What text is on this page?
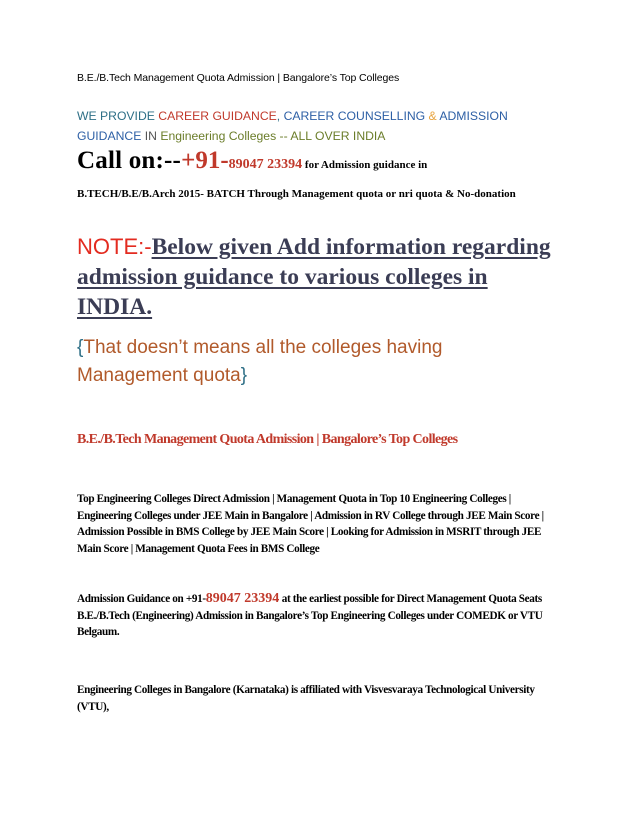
B.E./B.Tech Management Quota Admission | Bangalore’s Top Colleges

WE PROVIDE CAREER GUIDANCE, CAREER COUNSELLING & ADMISSION GUIDANCE IN Engineering Colleges -- ALL OVER INDIA

Call on:--+91-89047 23394 for Admission guidance in

B.TECH/B.E/B.Arch 2015- BATCH Through Management quota or nri quota & No-donation

NOTE:-Below given Add information regarding admission guidance to various colleges in INDIA.

{That doesn’t means all the colleges having Management quota}

B.E./B.Tech Management Quota Admission | Bangalore’s Top Colleges

Top Engineering Colleges Direct Admission | Management Quota in Top 10 Engineering Colleges | Engineering Colleges under JEE Main in Bangalore | Admission in RV College through JEE Main Score | Admission Possible in BMS College by JEE Main Score | Looking for Admission in MSRIT through JEE Main Score | Management Quota Fees in BMS College

Admission Guidance on +91-89047 23394 at the earliest possible for Direct Management Quota Seats B.E./B.Tech (Engineering) Admission in Bangalore’s Top Engineering Colleges under COMEDK or VTU Belgaum.

Engineering Colleges in Bangalore (Karnataka) is affiliated with Visvesvaraya Technological University (VTU),
